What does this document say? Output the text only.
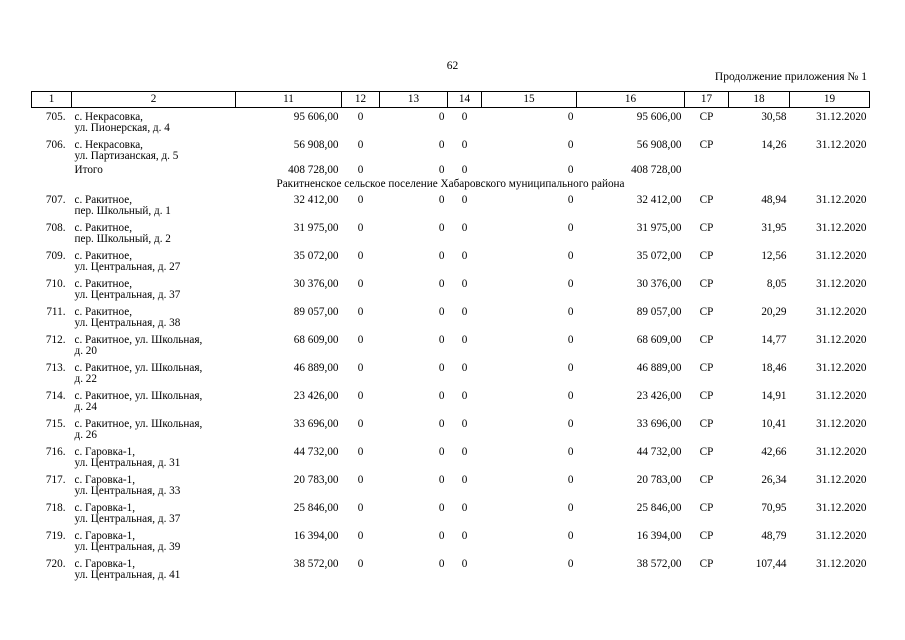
62
Продолжение приложения № 1
1	2	11	12	13	14	15	16	17	18	19
705.	с. Некрасовка,
ул. Пионерская, д. 4	95 606,00	0	0	0	0	95 606,00	СР	30,58	31.12.2020
706.	с. Некрасовка,
ул. Партизанская, д. 5	56 908,00	0	0	0	0	56 908,00	СР	14,26	31.12.2020
	Итого	408 728,00	0	0	0	0	408 728,00			
Ракитненское сельское поселение Хабаровского муниципального района										
707.	с. Ракитное,
пер. Школьный, д. 1	32 412,00	0	0	0	0	32 412,00	СР	48,94	31.12.2020
708.	с. Ракитное,
пер. Школьный, д. 2	31 975,00	0	0	0	0	31 975,00	СР	31,95	31.12.2020
709.	с. Ракитное,
ул. Центральная, д. 27	35 072,00	0	0	0	0	35 072,00	СР	12,56	31.12.2020
710.	с. Ракитное,
ул. Центральная, д. 37	30 376,00	0	0	0	0	30 376,00	СР	8,05	31.12.2020
711.	с. Ракитное,
ул. Центральная, д. 38	89 057,00	0	0	0	0	89 057,00	СР	20,29	31.12.2020
712.	с. Ракитное, ул. Школьная,
д. 20	68 609,00	0	0	0	0	68 609,00	СР	14,77	31.12.2020
713.	с. Ракитное, ул. Школьная,
д. 22	46 889,00	0	0	0	0	46 889,00	СР	18,46	31.12.2020
714.	с. Ракитное, ул. Школьная,
д. 24	23 426,00	0	0	0	0	23 426,00	СР	14,91	31.12.2020
715.	с. Ракитное, ул. Школьная,
д. 26	33 696,00	0	0	0	0	33 696,00	СР	10,41	31.12.2020
716.	с. Гаровка-1,
ул. Центральная, д. 31	44 732,00	0	0	0	0	44 732,00	СР	42,66	31.12.2020
717.	с. Гаровка-1,
ул. Центральная, д. 33	20 783,00	0	0	0	0	20 783,00	СР	26,34	31.12.2020
718.	с. Гаровка-1,
ул. Центральная, д. 37	25 846,00	0	0	0	0	25 846,00	СР	70,95	31.12.2020
719.	с. Гаровка-1,
ул. Центральная, д. 39	16 394,00	0	0	0	0	16 394,00	СР	48,79	31.12.2020
720.	с. Гаровка-1,
ул. Центральная, д. 41	38 572,00	0	0	0	0	38 572,00	СР	107,44	31.12.2020
